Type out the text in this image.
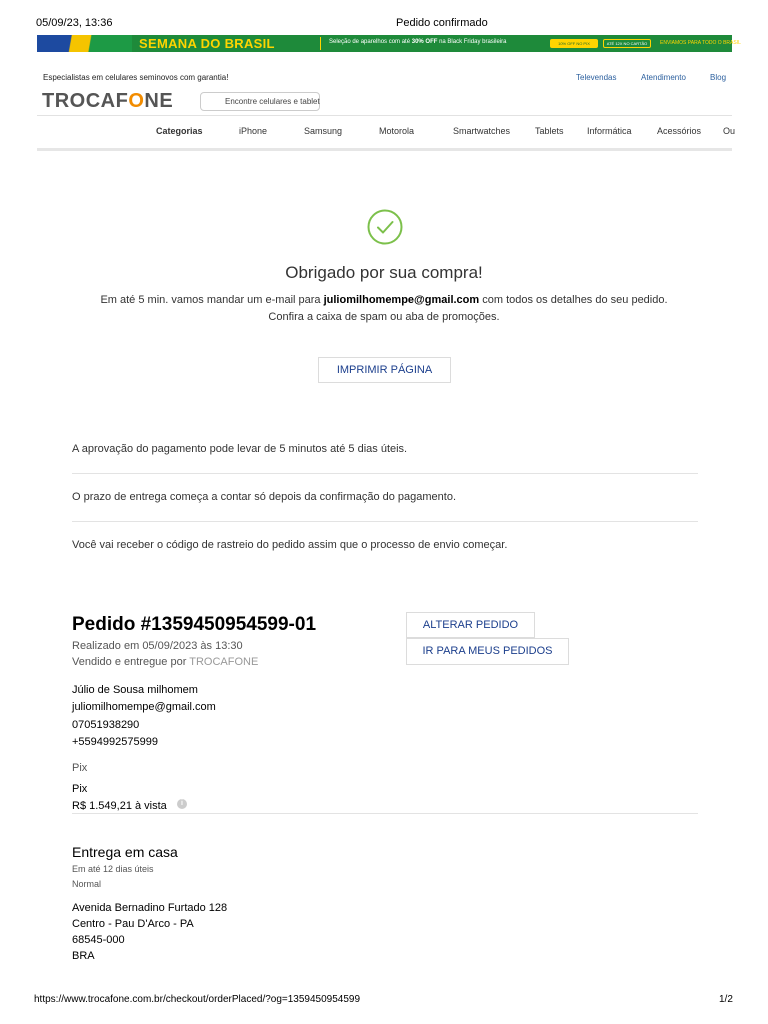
05/09/23, 13:36	Pedido confirmado
SEMANA DO BRASIL	Seleção de aparelhos com até 30% OFF na Black Friday brasileira	10% OFF NO PIX	ATÉ 12X NO CARTÃO	ENVIAMOS PARA TODO O BRASIL
Especialistas em celulares seminovos com garantia!	Televendas	Atendimento	Blog
TROCAFONE	Encontre celulares e tablet
Categorias	iPhone	Samsung	Motorola	Smartwatches	Tablets	Informática	Acessórios Ou
Obrigado por sua compra!
Em até 5 min. vamos mandar um e-mail para juliomilhomempe@gmail.com com todos os detalhes do seu pedido.
Confira a caixa de spam ou aba de promoções.
IMPRIMIR PÁGINA
A aprovação do pagamento pode levar de 5 minutos até 5 dias úteis.
O prazo de entrega começa a contar só depois da confirmação do pagamento.
Você vai receber o código de rastreio do pedido assim que o processo de envio começar.
Pedido #1359450954599-01
Realizado em 05/09/2023 às 13:30
Vendido e entregue por TROCAFONE
ALTERAR PEDIDO
IR PARA MEUS PEDIDOS
Júlio de Sousa milhomem
juliomilhomempe@gmail.com
07051938290
+5594992575999
Pix
Pix
R$ 1.549,21 à vista	i
Entrega em casa
Em até 12 dias úteis
Normal
Avenida Bernadino Furtado 128
Centro - Pau D'Arco - PA
68545-000
BRA
https://www.trocafone.com.br/checkout/orderPlaced/?og=1359450954599	1/2
